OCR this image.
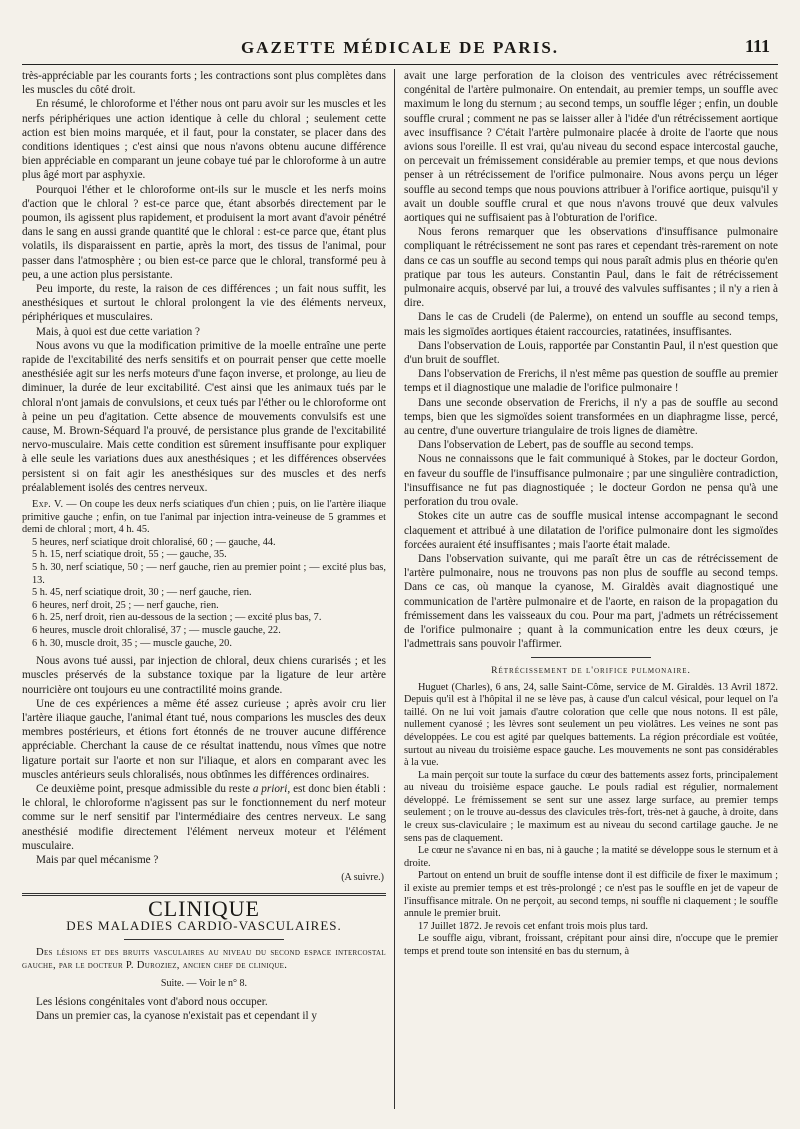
GAZETTE MÉDICALE DE PARIS.	111

très-appréciable par les courants forts ; les contractions sont plus complètes dans les muscles du côté droit.

En résumé, le chloroforme et l'éther nous ont paru avoir sur les muscles et les nerfs périphériques une action identique à celle du chloral ; seulement cette action est bien moins marquée, et il faut, pour la constater, se placer dans des conditions identiques ; c'est ainsi que nous n'avons obtenu aucune différence bien appréciable en comparant un jeune cobaye tué par le chloroforme à un autre plus âgé mort par asphyxie.

Pourquoi l'éther et le chloroforme ont-ils sur le muscle et les nerfs moins d'action que le chloral ? est-ce parce que, étant absorbés directement par le poumon, ils agissent plus rapidement, et produisent la mort avant d'avoir pénétré dans le sang en aussi grande quantité que le chloral : est-ce parce que, étant plus volatils, ils disparaissent en partie, après la mort, des tissus de l'animal, pour passer dans l'atmosphère ; ou bien est-ce parce que le chloral, transformé peu à peu, a une action plus persistante.

Peu importe, du reste, la raison de ces différences ; un fait nous suffit, les anesthésiques et surtout le chloral prolongent la vie des éléments nerveux, périphériques et musculaires.

Mais, à quoi est due cette variation ?

Nous avons vu que la modification primitive de la moelle entraîne une perte rapide de l'excitabilité des nerfs sensitifs et on pourrait penser que cette moelle anesthésiée agit sur les nerfs moteurs d'une façon inverse, et prolonge, au lieu de diminuer, la durée de leur excitabilité. C'est ainsi que les animaux tués par le chloral n'ont jamais de convulsions, et ceux tués par l'éther ou le chloroforme ont à peine un peu d'agitation. Cette absence de mouvements convulsifs est une cause, M. Brown-Séquard l'a prouvé, de persistance plus grande de l'excitabilité nervo-musculaire. Mais cette condition est sûrement insuffisante pour expliquer à elle seule les variations dues aux anesthésiques ; et les différences observées persistent si on fait agir les anesthésiques sur des muscles et des nerfs préalablement isolés des centres nerveux.

Exp. V. — On coupe les deux nerfs sciatiques d'un chien ; puis, on lie l'artère iliaque primitive gauche ; enfin, on tue l'animal par injection intra-veineuse de 5 grammes et demi de chloral ; mort, 4 h. 45.

5 heures, nerf sciatique droit chloralisé, 60 ; — gauche, 44.

5 h. 15, nerf sciatique droit, 55 ; — gauche, 35.

5 h. 30, nerf sciatique, 50 ; — nerf gauche, rien au premier point ; — excité plus bas, 13.

5 h. 45, nerf sciatique droit, 30 ; — nerf gauche, rien.

6 heures, nerf droit, 25 ; — nerf gauche, rien.

6 h. 25, nerf droit, rien au-dessous de la section ; — excité plus bas, 7.

6 heures, muscle droit chloralisé, 37 ; — muscle gauche, 22.

6 h. 30, muscle droit, 35 ; — muscle gauche, 20.

Nous avons tué aussi, par injection de chloral, deux chiens curarisés ; et les muscles préservés de la substance toxique par la ligature de leur artère nourricière ont toujours eu une contractilité moins grande.

Une de ces expériences a même été assez curieuse ; après avoir cru lier l'artère iliaque gauche, l'animal étant tué, nous comparions les muscles des deux membres postérieurs, et étions fort étonnés de ne trouver aucune différence appréciable. Cherchant la cause de ce résultat inattendu, nous vîmes que notre ligature portait sur l'aorte et non sur l'iliaque, et alors en comparant avec les muscles antérieurs seuls chloralisés, nous obtînmes les différences ordinaires.

Ce deuxième point, presque admissible du reste a priori, est donc bien établi : le chloral, le chloroforme n'agissent pas sur le fonctionnement du nerf moteur comme sur le nerf sensitif par l'intermédiaire des centres nerveux. Le sang anesthésié modifie directement l'élément nerveux moteur et l'élément musculaire.

Mais par quel mécanisme ?

(A suivre.)
CLINIQUE
DES MALADIES CARDIO-VASCULAIRES.

Des lésions et des bruits vasculaires au niveau du second espace intercostal gauche, par le docteur P. Duroziez, ancien chef de clinique.

Suite. — Voir le n° 8.

Les lésions congénitales vont d'abord nous occuper.

Dans un premier cas, la cyanose n'existait pas et cependant il y

avait une large perforation de la cloison des ventricules avec rétrécissement congénital de l'artère pulmonaire. On entendait, au premier temps, un souffle avec maximum le long du sternum ; au second temps, un souffle léger ; enfin, un double souffle crural ; comment ne pas se laisser aller à l'idée d'un rétrécissement aortique avec insuffisance ? C'était l'artère pulmonaire placée à droite de l'aorte que nous avions sous l'oreille. Il est vrai, qu'au niveau du second espace intercostal gauche, on percevait un frémissement considérable au premier temps, et que nous devions penser à un rétrécissement de l'orifice pulmonaire. Nous avons perçu un léger souffle au second temps que nous pouvions attribuer à l'orifice aortique, puisqu'il y avait un double souffle crural et que nous n'avons trouvé que deux valvules aortiques qui ne suffisaient pas à l'obturation de l'orifice.

Nous ferons remarquer que les observations d'insuffisance pulmonaire compliquant le rétrécissement ne sont pas rares et cependant très-rarement on note dans ce cas un souffle au second temps qui nous paraît admis plus en théorie qu'en pratique par tous les auteurs. Constantin Paul, dans le fait de rétrécissement pulmonaire acquis, observé par lui, a trouvé des valvules suffisantes ; il n'y a rien à dire.

Dans le cas de Crudeli (de Palerme), on entend un souffle au second temps, mais les sigmoïdes aortiques étaient raccourcies, ratatinées, insuffisantes.

Dans l'observation de Louis, rapportée par Constantin Paul, il n'est question que d'un bruit de soufflet.

Dans l'observation de Frerichs, il n'est même pas question de souffle au premier temps et il diagnostique une maladie de l'orifice pulmonaire !

Dans une seconde observation de Frerichs, il n'y a pas de souffle au second temps, bien que les sigmoïdes soient transformées en un diaphragme lisse, percé, au centre, d'une ouverture triangulaire de trois lignes de diamètre.

Dans l'observation de Lebert, pas de souffle au second temps.

Nous ne connaissons que le fait communiqué à Stokes, par le docteur Gordon, en faveur du souffle de l'insuffisance pulmonaire ; par une singulière contradiction, l'insuffisance ne fut pas diagnostiquée ; le docteur Gordon ne pensa qu'à une perforation du trou ovale.

Stokes cite un autre cas de souffle musical intense accompagnant le second claquement et attribué à une dilatation de l'orifice pulmonaire dont les sigmoïdes forcées auraient été insuffisantes ; mais l'aorte était malade.

Dans l'observation suivante, qui me paraît être un cas de rétrécissement de l'artère pulmonaire, nous ne trouvons pas non plus de souffle au second temps. Dans ce cas, où manque la cyanose, M. Giraldès avait diagnostiqué une communication de l'artère pulmonaire et de l'aorte, en raison de la propagation du frémissement dans les vaisseaux du cou. Pour ma part, j'admets un rétrécissement de l'orifice pulmonaire ; quant à la communication entre les deux cœurs, je l'admettrais sans pouvoir l'affirmer.

Rétrécissement de l'orifice pulmonaire.

Huguet (Charles), 6 ans, 24, salle Saint-Côme, service de M. Giraldès. 13 Avril 1872. Depuis qu'il est à l'hôpital il ne se lève pas, à cause d'un calcul vésical, pour lequel on l'a taillé. On ne lui voit jamais d'autre coloration que celle que nous notons. Il est pâle, nullement cyanosé ; les lèvres sont seulement un peu violâtres. Les veines ne sont pas développées. Le cou est agité par quelques battements. La région précordiale est voûtée, surtout au niveau du troisième espace gauche. Les mouvements ne sont pas considérables à la vue.

La main perçoit sur toute la surface du cœur des battements assez forts, principalement au niveau du troisième espace gauche. Le pouls radial est régulier, normalement développé. Le frémissement se sent sur une assez large surface, au premier temps seulement ; on le trouve au-dessus des clavicules très-fort, très-net à gauche, à droite, dans le creux sus-claviculaire ; le maximum est au niveau du second cartilage gauche. Je ne sens pas de claquement.

Le cœur ne s'avance ni en bas, ni à gauche ; la matité se développe sous le sternum et à droite.

Partout on entend un bruit de souffle intense dont il est difficile de fixer le maximum ; il existe au premier temps et est très-prolongé ; ce n'est pas le souffle en jet de vapeur de l'insuffisance mitrale. On ne perçoit, au second temps, ni souffle ni claquement ; le souffle annule le premier bruit.

17 Juillet 1872. Je revois cet enfant trois mois plus tard.

Le souffle aigu, vibrant, froissant, crépitant pour ainsi dire, n'occupe que le premier temps et prend toute son intensité en bas du sternum, à
